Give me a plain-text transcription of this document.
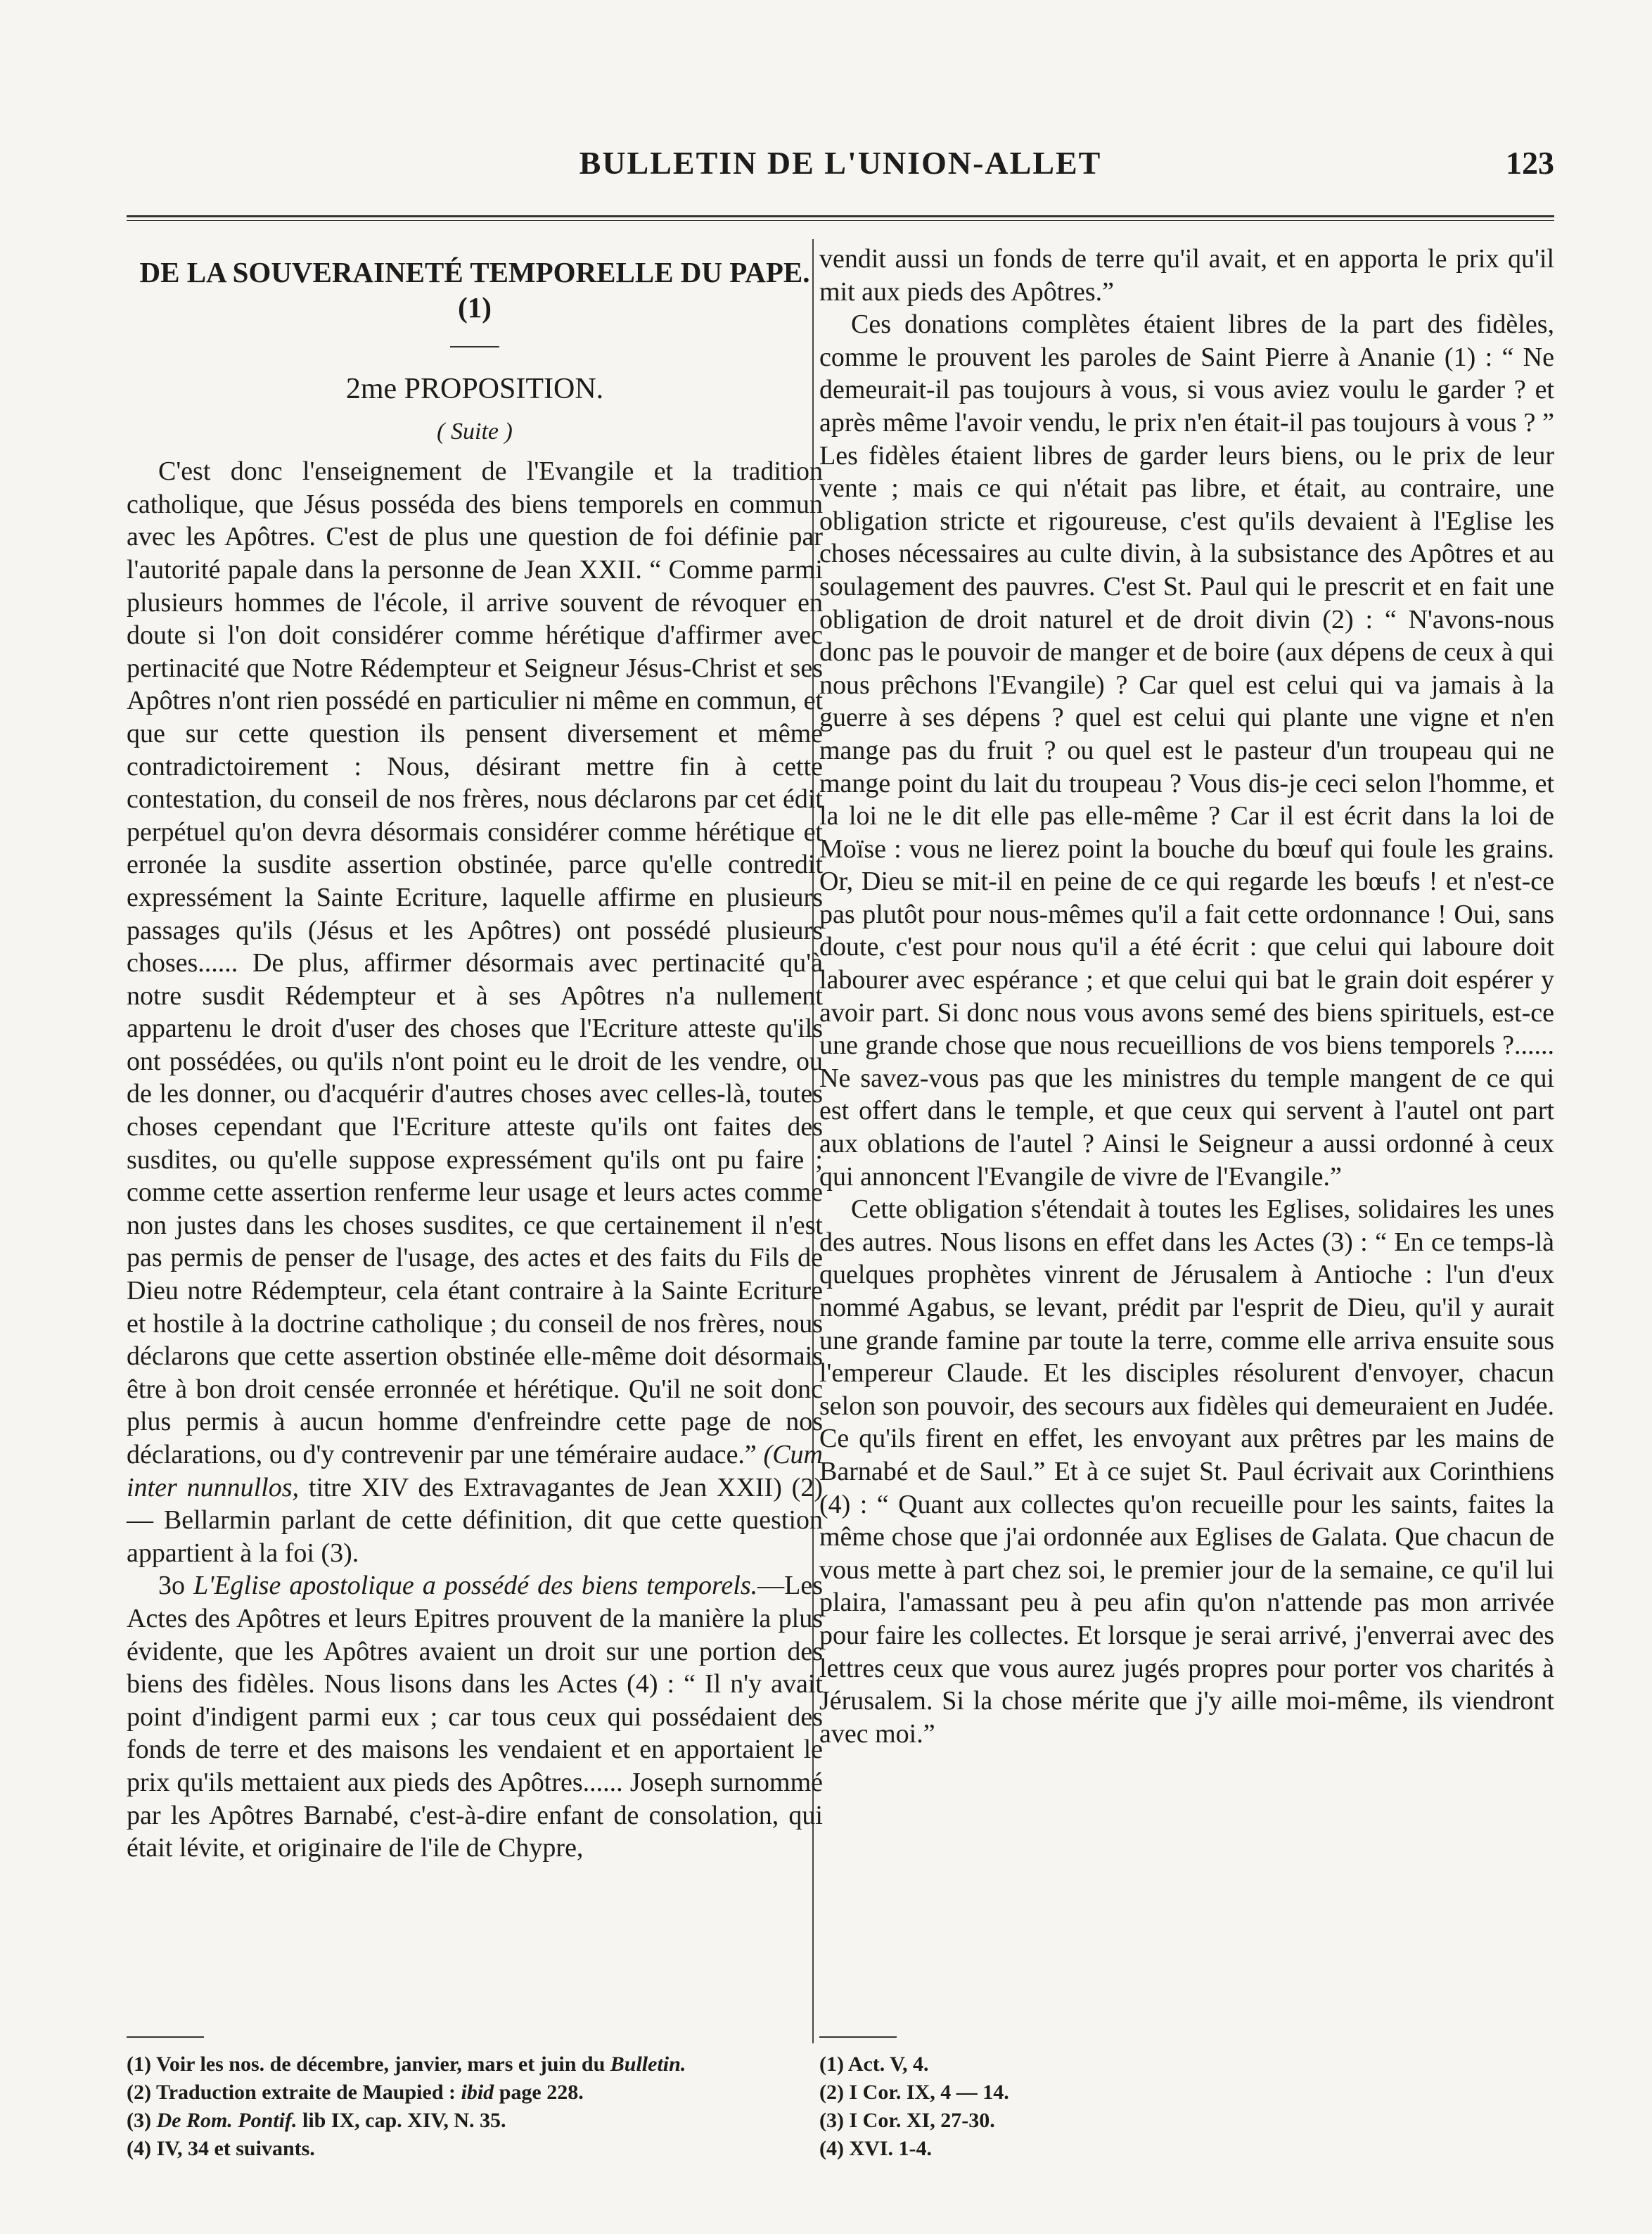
BULLETIN DE L'UNION-ALLET	123
DE LA SOUVERAINETÉ TEMPORELLE DU PAPE. (1)
2me PROPOSITION.
( Suite )

C'est donc l'enseignement de l'Evangile et la tradition catholique, que Jésus posséda des biens temporels en commun avec les Apôtres. C'est de plus une question de foi définie par l'autorité papale dans la personne de Jean XXII. “ Comme parmi plusieurs hommes de l'école, il arrive souvent de révoquer en doute si l'on doit considérer comme hérétique d'affirmer avec pertinacité que Notre Rédempteur et Seigneur Jésus-Christ et ses Apôtres n'ont rien possédé en particulier ni même en commun, et que sur cette question ils pensent diversement et même contradictoirement : Nous, désirant mettre fin à cette contestation, du conseil de nos frères, nous déclarons par cet édit perpétuel qu'on devra désormais considérer comme hérétique et erronée la susdite assertion obstinée, parce qu'elle contredit expressément la Sainte Ecriture, laquelle affirme en plusieurs passages qu'ils (Jésus et les Apôtres) ont possédé plusieurs choses...... De plus, affirmer désormais avec pertinacité qu'à notre susdit Rédempteur et à ses Apôtres n'a nullement appartenu le droit d'user des choses que l'Ecriture atteste qu'ils ont possédées, ou qu'ils n'ont point eu le droit de les vendre, ou de les donner, ou d'acquérir d'autres choses avec celles-là, toutes choses cependant que l'Ecriture atteste qu'ils ont faites des susdites, ou qu'elle suppose expressément qu'ils ont pu faire ; comme cette assertion renferme leur usage et leurs actes comme non justes dans les choses susdites, ce que certainement il n'est pas permis de penser de l'usage, des actes et des faits du Fils de Dieu notre Rédempteur, cela étant contraire à la Sainte Ecriture et hostile à la doctrine catholique ; du conseil de nos frères, nous déclarons que cette assertion obstinée elle-même doit désormais être à bon droit censée erronnée et hérétique. Qu'il ne soit donc plus permis à aucun homme d'enfreindre cette page de nos déclarations, ou d'y contrevenir par une téméraire audace.” (Cum inter nunnullos, titre XIV des Extravagantes de Jean XXII) (2) — Bellarmin parlant de cette définition, dit que cette question appartient à la foi (3).

3o L'Eglise apostolique a possédé des biens temporels.—Les Actes des Apôtres et leurs Epitres prouvent de la manière la plus évidente, que les Apôtres avaient un droit sur une portion des biens des fidèles. Nous lisons dans les Actes (4) : “ Il n'y avait point d'indigent parmi eux ; car tous ceux qui possédaient des fonds de terre et des maisons les vendaient et en apportaient le prix qu'ils mettaient aux pieds des Apôtres...... Joseph surnommé par les Apôtres Barnabé, c'est-à-dire enfant de consolation, qui était lévite, et originaire de l'ile de Chypre,

vendit aussi un fonds de terre qu'il avait, et en apporta le prix qu'il mit aux pieds des Apôtres.”

Ces donations complètes étaient libres de la part des fidèles, comme le prouvent les paroles de Saint Pierre à Ananie (1) : “ Ne demeurait-il pas toujours à vous, si vous aviez voulu le garder ? et après même l'avoir vendu, le prix n'en était-il pas toujours à vous ? ” Les fidèles étaient libres de garder leurs biens, ou le prix de leur vente ; mais ce qui n'était pas libre, et était, au contraire, une obligation stricte et rigoureuse, c'est qu'ils devaient à l'Eglise les choses nécessaires au culte divin, à la subsistance des Apôtres et au soulagement des pauvres. C'est St. Paul qui le prescrit et en fait une obligation de droit naturel et de droit divin (2) : “ N'avons-nous donc pas le pouvoir de manger et de boire (aux dépens de ceux à qui nous prêchons l'Evangile) ? Car quel est celui qui va jamais à la guerre à ses dépens ? quel est celui qui plante une vigne et n'en mange pas du fruit ? ou quel est le pasteur d'un troupeau qui ne mange point du lait du troupeau ? Vous dis-je ceci selon l'homme, et la loi ne le dit elle pas elle-même ? Car il est écrit dans la loi de Moïse : vous ne lierez point la bouche du bœuf qui foule les grains. Or, Dieu se mit-il en peine de ce qui regarde les bœufs ! et n'est-ce pas plutôt pour nous-mêmes qu'il a fait cette ordonnance ! Oui, sans doute, c'est pour nous qu'il a été écrit : que celui qui laboure doit labourer avec espérance ; et que celui qui bat le grain doit espérer y avoir part. Si donc nous vous avons semé des biens spirituels, est-ce une grande chose que nous recueillions de vos biens temporels ?...... Ne savez-vous pas que les ministres du temple mangent de ce qui est offert dans le temple, et que ceux qui servent à l'autel ont part aux oblations de l'autel ? Ainsi le Seigneur a aussi ordonné à ceux qui annoncent l'Evangile de vivre de l'Evangile.”

Cette obligation s'étendait à toutes les Eglises, solidaires les unes des autres. Nous lisons en effet dans les Actes (3) : “ En ce temps-là quelques prophètes vinrent de Jérusalem à Antioche : l'un d'eux nommé Agabus, se levant, prédit par l'esprit de Dieu, qu'il y aurait une grande famine par toute la terre, comme elle arriva ensuite sous l'empereur Claude. Et les disciples résolurent d'envoyer, chacun selon son pouvoir, des secours aux fidèles qui demeuraient en Judée. Ce qu'ils firent en effet, les envoyant aux prêtres par les mains de Barnabé et de Saul.” Et à ce sujet St. Paul écrivait aux Corinthiens (4) : “ Quant aux collectes qu'on recueille pour les saints, faites la même chose que j'ai ordonnée aux Eglises de Galata. Que chacun de vous mette à part chez soi, le premier jour de la semaine, ce qu'il lui plaira, l'amassant peu à peu afin qu'on n'attende pas mon arrivée pour faire les collectes. Et lorsque je serai arrivé, j'enverrai avec des lettres ceux que vous aurez jugés propres pour porter vos charités à Jérusalem. Si la chose mérite que j'y aille moi-même, ils viendront avec moi.”

(1) Voir les nos. de décembre, janvier, mars et juin du Bulletin.
(2) Traduction extraite de Maupied : ibid page 228.
(3) De Rom. Pontif. lib IX, cap. XIV, N. 35.
(4) IV, 34 et suivants.
(1) Act. V, 4.
(2) I Cor. IX, 4 — 14.
(3) I Cor. XI, 27-30.
(4) XVI. 1-4.
